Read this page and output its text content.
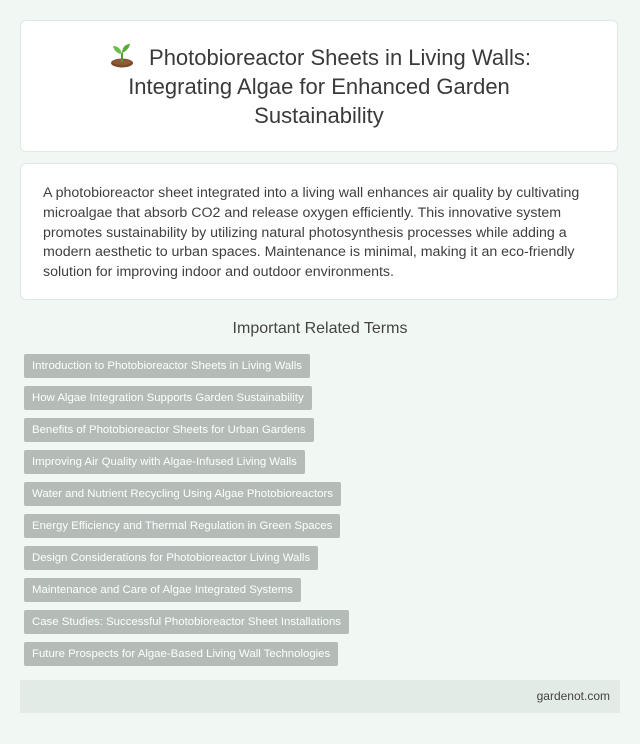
Photobioreactor Sheets in Living Walls: Integrating Algae for Enhanced Garden Sustainability

A photobioreactor sheet integrated into a living wall enhances air quality by cultivating microalgae that absorb CO2 and release oxygen efficiently. This innovative system promotes sustainability by utilizing natural photosynthesis processes while adding a modern aesthetic to urban spaces. Maintenance is minimal, making it an eco-friendly solution for improving indoor and outdoor environments.

Important Related Terms
Introduction to Photobioreactor Sheets in Living Walls
How Algae Integration Supports Garden Sustainability
Benefits of Photobioreactor Sheets for Urban Gardens
Improving Air Quality with Algae-Infused Living Walls
Water and Nutrient Recycling Using Algae Photobioreactors
Energy Efficiency and Thermal Regulation in Green Spaces
Design Considerations for Photobioreactor Living Walls
Maintenance and Care of Algae Integrated Systems
Case Studies: Successful Photobioreactor Sheet Installations
Future Prospects for Algae-Based Living Wall Technologies
gardenot.com
